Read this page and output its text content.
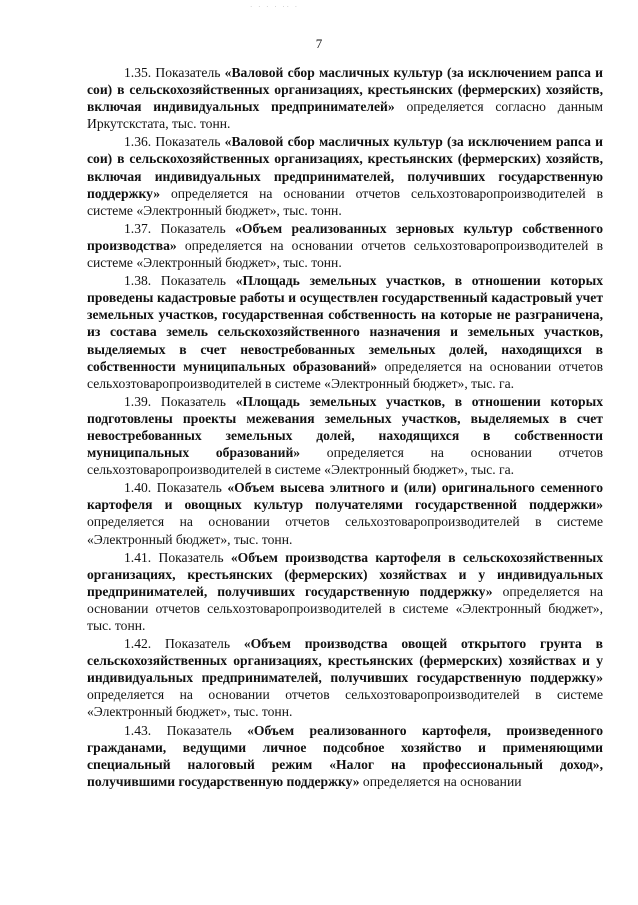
· · · · ·· ·
7

1.35. Показатель «Валовой сбор масличных культур (за исключением рапса и сои) в сельскохозяйственных организациях, крестьянских (фермерских) хозяйств, включая индивидуальных предпринимателей» определяется согласно данным Иркутскстата, тыс. тонн.

1.36. Показатель «Валовой сбор масличных культур (за исключением рапса и сои) в сельскохозяйственных организациях, крестьянских (фермерских) хозяйств, включая индивидуальных предпринимателей, получивших государственную поддержку» определяется на основании отчетов сельхозтоваропроизводителей в системе «Электронный бюджет», тыс. тонн.

1.37. Показатель «Объем реализованных зерновых культур собственного производства» определяется на основании отчетов сельхозтоваропроизводителей в системе «Электронный бюджет», тыс. тонн.

1.38. Показатель «Площадь земельных участков, в отношении которых проведены кадастровые работы и осуществлен государственный кадастровый учет земельных участков, государственная собственность на которые не разграничена, из состава земель сельскохозяйственного назначения и земельных участков, выделяемых в счет невостребованных земельных долей, находящихся в собственности муниципальных образований» определяется на основании отчетов сельхозтоваропроизводителей в системе «Электронный бюджет», тыс. га.

1.39. Показатель «Площадь земельных участков, в отношении которых подготовлены проекты межевания земельных участков, выделяемых в счет невостребованных земельных долей, находящихся в собственности муниципальных образований» определяется на основании отчетов сельхозтоваропроизводителей в системе «Электронный бюджет», тыс. га.

1.40. Показатель «Объем высева элитного и (или) оригинального семенного картофеля и овощных культур получателями государственной поддержки» определяется на основании отчетов сельхозтоваропроизводителей в системе «Электронный бюджет», тыс. тонн.

1.41. Показатель «Объем производства картофеля в сельскохозяйственных организациях, крестьянских (фермерских) хозяйствах и у индивидуальных предпринимателей, получивших государственную поддержку» определяется на основании отчетов сельхозтоваропроизводителей в системе «Электронный бюджет», тыс. тонн.

1.42. Показатель «Объем производства овощей открытого грунта в сельскохозяйственных организациях, крестьянских (фермерских) хозяйствах и у индивидуальных предпринимателей, получивших государственную поддержку» определяется на основании отчетов сельхозтоваропроизводителей в системе «Электронный бюджет», тыс. тонн.

1.43. Показатель «Объем реализованного картофеля, произведенного гражданами, ведущими личное подсобное хозяйство и применяющими специальный налоговый режим «Налог на профессиональный доход», получившими государственную поддержку» определяется на основании
